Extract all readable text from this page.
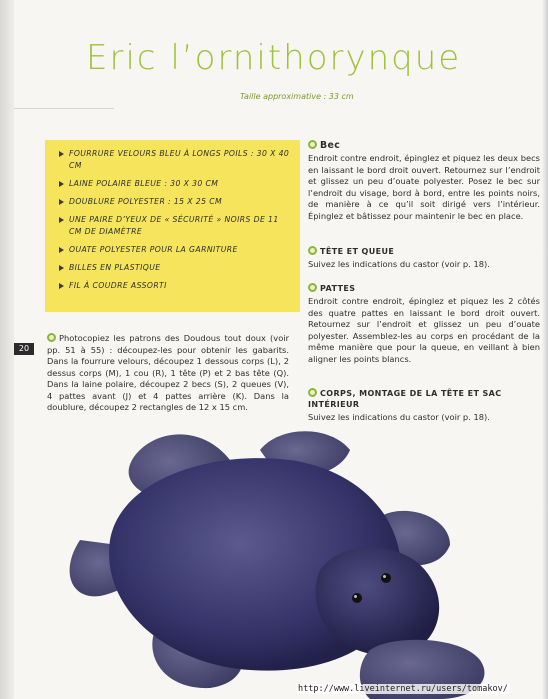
Eric l’ornithorynque
Taille approximative : 33 cm
FOURRURE VELOURS BLEU À LONGS POILS : 30 X 40 CM
LAINE POLAIRE BLEUE : 30 X 30 CM
DOUBLURE POLYESTER : 15 X 25 CM
UNE PAIRE D’YEUX DE « SÉCURITÉ » NOIRS DE 11 CM DE DIAMÈTRE
OUATE POLYESTER POUR LA GARNITURE
BILLES EN PLASTIQUE
FIL À COUDRE ASSORTI
20
Photocopiez les patrons des Doudous tout doux (voir pp. 51 à 55) : découpez-les pour obtenir les gabarits. Dans la fourrure velours, découpez 1 dessous corps (L), 2 dessus corps (M), 1 cou (R), 1 tête (P) et 2 bas tête (Q). Dans la laine polaire, découpez 2 becs (S), 2 queues (V), 4 pattes avant (J) et 4 pattes arrière (K). Dans la doublure, découpez 2 rectangles de 12 x 15 cm.
Bec
Endroit contre endroit, épinglez et piquez les deux becs en laissant le bord droit ouvert. Retournez sur l’endroit et glissez un peu d’ouate polyester. Posez le bec sur l’endroit du visage, bord à bord, entre les points noirs, de manière à ce qu’il soit dirigé vers l’intérieur. Épinglez et bâtissez pour maintenir le bec en place.
TÊTE ET QUEUE
Suivez les indications du castor (voir p. 18).
PATTES
Endroit contre endroit, épinglez et piquez les 2 côtés des quatre pattes en laissant le bord droit ouvert. Retournez sur l’endroit et glissez un peu d’ouate polyester. Assemblez-les au corps en procédant de la même manière que pour la queue, en veillant à bien aligner les points blancs.
CORPS, MONTAGE DE LA TÊTE ET SAC INTÉRIEUR
Suivez les indications du castor (voir p. 18).
http://www.liveinternet.ru/users/tomakov/
